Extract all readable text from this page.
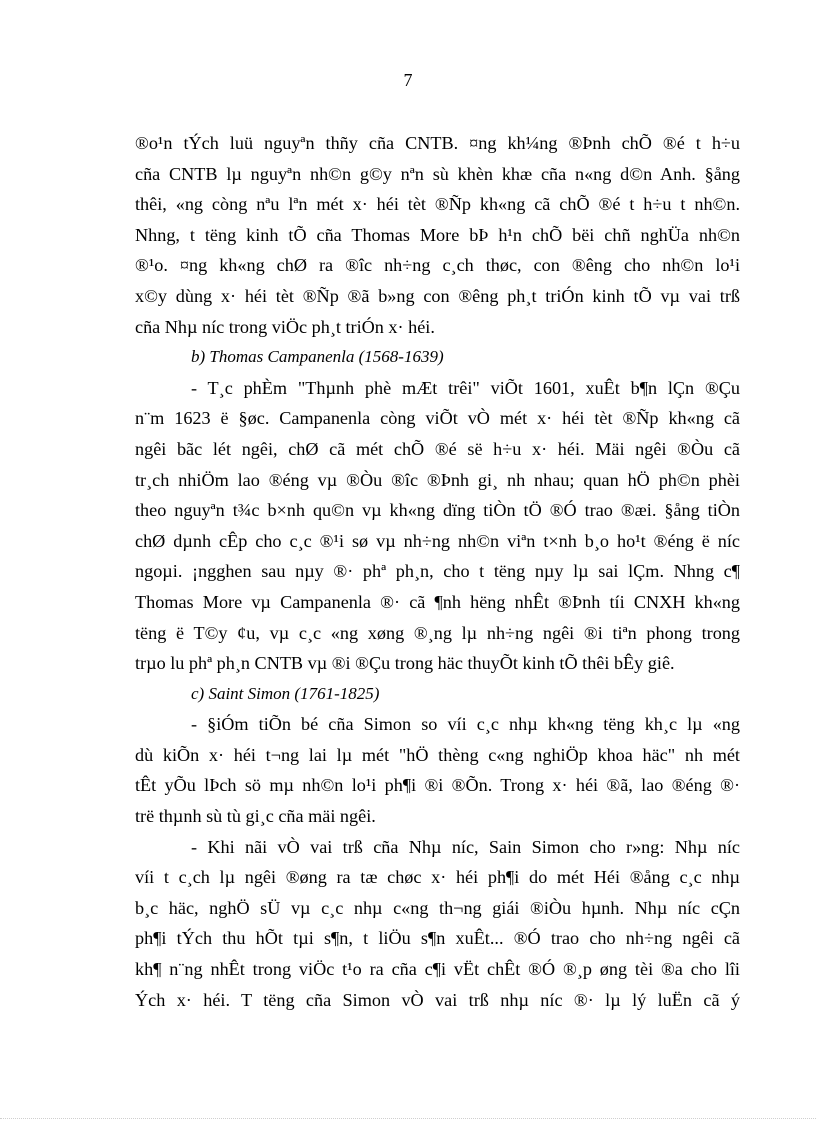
7
®o¹n tÝch luü nguyªn thñy cña CNTB. ¤ng kh¼ng ®Þnh chÕ ®é t h÷u
cña CNTB lµ nguyªn nh©n g©y nªn sù khèn khæ cña n«ng d©n Anh. §ång
thêi, «ng còng nªu lªn mét x· héi tèt ®Ñp kh«ng cã chÕ ®é t h÷u t nh©n.
Nhng, t tëng kinh tÕ cña Thomas More bÞ h¹n chÕ bëi chñ nghÜa nh©n
®¹o. ¤ng kh«ng chØ ra ®îc nh÷ng c¸ch thøc, con ®êng cho nh©n lo¹i
x©y dùng x· héi tèt ®Ñp ®ã b»ng con ®êng ph¸t triÓn kinh tÕ vµ vai trß
cña Nhµ níc trong viÖc ph¸t triÓn x· héi.
b) Thomas Campanenla (1568-1639)
- T¸c phÈm "Thµnh phè mÆt trêi" viÕt 1601, xuÊt b¶n lÇn ®Çu
n¨m 1623 ë §øc. Campanenla còng viÕt vÒ mét x· héi tèt ®Ñp kh«ng cã
ngêi bãc lét ngêi, chØ cã mét chÕ ®é së h÷u x· héi. Mäi ngêi ®Òu cã
tr¸ch nhiÖm lao ®éng vµ ®Òu ®îc ®Þnh gi¸ nh nhau; quan hÖ ph©n phèi
theo nguyªn t¾c b×nh qu©n vµ kh«ng dïng tiÒn tÖ ®Ó trao ®æi. §ång tiÒn
chØ dµnh cÊp cho c¸c ®¹i sø vµ nh÷ng nh©n viªn t×nh b¸o ho¹t ®éng ë níc
ngoµi. ¡ngghen sau nµy ®· phª ph¸n, cho t tëng nµy lµ sai lÇm. Nhng c¶
Thomas More vµ Campanenla ®· cã ¶nh hëng nhÊt ®Þnh tíi CNXH kh«ng
tëng ë T©y ¢u, vµ c¸c «ng xøng ®¸ng lµ nh÷ng ngêi ®i tiªn phong trong
trµo lu phª ph¸n CNTB vµ ®i ®Çu trong häc thuyÕt kinh tÕ thêi bÊy giê.
c) Saint Simon (1761-1825)
- §iÓm tiÕn bé cña Simon so víi c¸c nhµ kh«ng tëng kh¸c lµ «ng
dù kiÕn x· héi t¬ng lai lµ mét "hÖ thèng c«ng nghiÖp khoa häc" nh mét
tÊt yÕu lÞch sö mµ nh©n lo¹i ph¶i ®i ®Õn. Trong x· héi ®ã, lao ®éng ®·
trë thµnh sù tù gi¸c cña mäi ngêi.
- Khi nãi vÒ vai trß cña Nhµ níc, Sain Simon cho r»ng: Nhµ níc
víi t c¸ch lµ ngêi ®øng ra tæ chøc x· héi ph¶i do mét Héi ®ång c¸c nhµ
b¸c häc, nghÖ sÜ vµ c¸c nhµ c«ng th¬ng giái ®iÒu hµnh. Nhµ níc cÇn
ph¶i tÝch thu hÕt tµi s¶n, t liÖu s¶n xuÊt... ®Ó trao cho nh÷ng ngêi cã
kh¶ n¨ng nhÊt trong viÖc t¹o ra cña c¶i vËt chÊt ®Ó ®¸p øng tèi ®a cho lîi
Ých x· héi. T tëng cña Simon vÒ vai trß nhµ níc ®· lµ lý luËn cã ý
